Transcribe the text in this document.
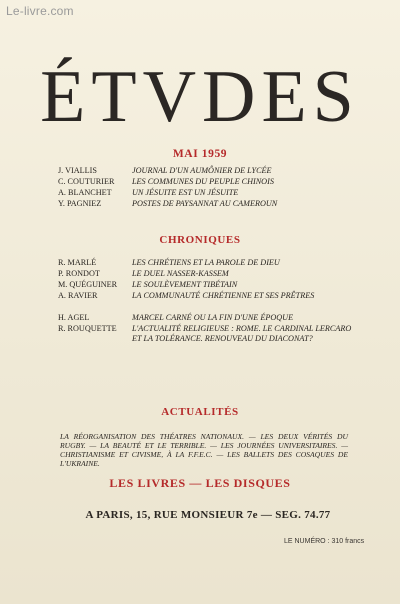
Le-livre.com
ÉTVDES
MAI 1959
J. VIALLIS	JOURNAL D'UN AUMÔNIER DE LYCÉE
C. COUTURIER	LES COMMUNES DU PEUPLE CHINOIS
A. BLANCHET	UN JÉSUITE EST UN JÉSUITE
Y. PAGNIEZ	POSTES DE PAYSANNAT AU CAMEROUN
CHRONIQUES
R. MARLÉ	LES CHRÉTIENS ET LA PAROLE DE DIEU
P. RONDOT	LE DUEL NASSER-KASSEM
M. QUÉGUINER	LE SOULÈVEMENT TIBÉTAIN
A. RAVIER	LA COMMUNAUTÉ CHRÉTIENNE ET SES PRÊTRES
H. AGEL	MARCEL CARNÉ OU LA FIN D'UNE ÉPOQUE
R. ROUQUETTE	L'ACTUALITÉ RELIGIEUSE : ROME. LE CARDINAL LERCARO ET LA TOLÉRANCE. RENOUVEAU DU DIACONAT?
ACTUALITÉS
LA RÉORGANISATION DES THÉATRES NATIONAUX. — LES DEUX VÉRITÉS DU RUGBY. — LA BEAUTÉ ET LE TERRIBLE. — LES JOURNÉES UNIVERSITAIRES. — CHRISTIANISME ET CIVISME, À LA F.F.E.C. — LES BALLETS DES COSAQUES DE L'UKRAINE.
LES LIVRES — LES DISQUES
A PARIS, 15, RUE MONSIEUR 7e — SEG. 74.77
LE NUMÉRO : 310 francs
